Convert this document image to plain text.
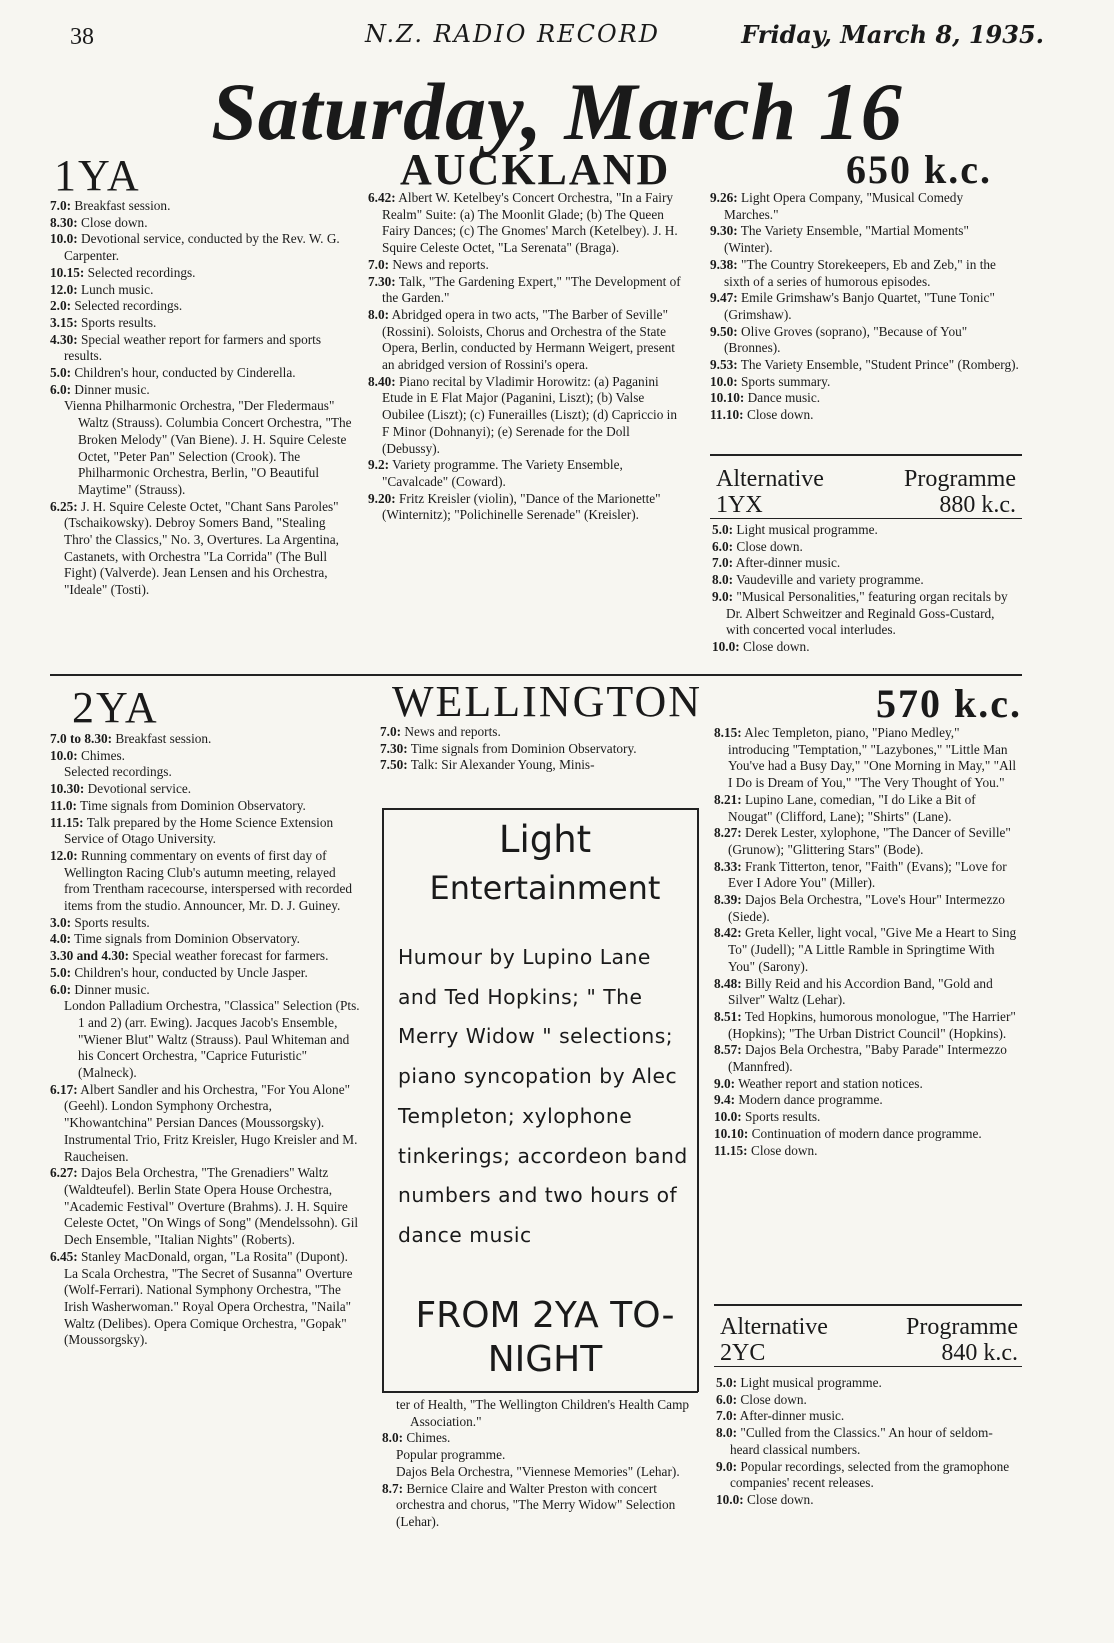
38	N.Z. RADIO RECORD	Friday, March 8, 1935.
Saturday, March 16
1YA	AUCKLAND	650 k.c.

7.0: Breakfast session.

8.30: Close down.

10.0: Devotional service, conducted by the Rev. W. G. Carpenter.

10.15: Selected recordings.

12.0: Lunch music.

2.0: Selected recordings.

3.15: Sports results.

4.30: Special weather report for farmers and sports results.

5.0: Children's hour, conducted by Cinderella.

6.0: Dinner music.

Vienna Philharmonic Orchestra, "Der Fledermaus" Waltz (Strauss). Columbia Concert Orchestra, "The Broken Melody" (Van Biene). J. H. Squire Celeste Octet, "Peter Pan" Selection (Crook). The Philharmonic Orchestra, Berlin, "O Beautiful Maytime" (Strauss).

6.25: J. H. Squire Celeste Octet, "Chant Sans Paroles" (Tschaikowsky). Debroy Somers Band, "Stealing Thro' the Classics," No. 3, Overtures. La Argentina, Castanets, with Orchestra "La Corrida" (The Bull Fight) (Valverde). Jean Lensen and his Orchestra, "Ideale" (Tosti).

6.42: Albert W. Ketelbey's Concert Orchestra, "In a Fairy Realm" Suite: (a) The Moonlit Glade; (b) The Queen Fairy Dances; (c) The Gnomes' March (Ketelbey). J. H. Squire Celeste Octet, "La Serenata" (Braga).

7.0: News and reports.

7.30: Talk, "The Gardening Expert," "The Development of the Garden."

8.0: Abridged opera in two acts, "The Barber of Seville" (Rossini). Soloists, Chorus and Orchestra of the State Opera, Berlin, conducted by Hermann Weigert, present an abridged version of Rossini's opera.

8.40: Piano recital by Vladimir Horowitz: (a) Paganini Etude in E Flat Major (Paganini, Liszt); (b) Valse Oubilee (Liszt); (c) Funerailles (Liszt); (d) Capriccio in F Minor (Dohnanyi); (e) Serenade for the Doll (Debussy).

9.2: Variety programme. The Variety Ensemble, "Cavalcade" (Coward).

9.20: Fritz Kreisler (violin), "Dance of the Marionette" (Winternitz); "Polichinelle Serenade" (Kreisler).

9.26: Light Opera Company, "Musical Comedy Marches."

9.30: The Variety Ensemble, "Martial Moments" (Winter).

9.38: "The Country Storekeepers, Eb and Zeb," in the sixth of a series of humorous episodes.

9.47: Emile Grimshaw's Banjo Quartet, "Tune Tonic" (Grimshaw).

9.50: Olive Groves (soprano), "Because of You" (Bronnes).

9.53: The Variety Ensemble, "Student Prince" (Romberg).

10.0: Sports summary.

10.10: Dance music.

11.10: Close down.

Alternative	Programme
1YX	880 k.c.

5.0: Light musical programme.

6.0: Close down.

7.0: After-dinner music.

8.0: Vaudeville and variety programme.

9.0: "Musical Personalities," featuring organ recitals by Dr. Albert Schweitzer and Reginald Goss-Custard, with concerted vocal interludes.

10.0: Close down.

2YA	WELLINGTON	570 k.c.

7.0 to 8.30: Breakfast session.

10.0: Chimes.

Selected recordings.

10.30: Devotional service.

11.0: Time signals from Dominion Observatory.

11.15: Talk prepared by the Home Science Extension Service of Otago University.

12.0: Running commentary on events of first day of Wellington Racing Club's autumn meeting, relayed from Trentham racecourse, interspersed with recorded items from the studio. Announcer, Mr. D. J. Guiney.

3.0: Sports results.

4.0: Time signals from Dominion Observatory.

3.30 and 4.30: Special weather forecast for farmers.

5.0: Children's hour, conducted by Uncle Jasper.

6.0: Dinner music.

London Palladium Orchestra, "Classica" Selection (Pts. 1 and 2) (arr. Ewing). Jacques Jacob's Ensemble, "Wiener Blut" Waltz (Strauss). Paul Whiteman and his Concert Orchestra, "Caprice Futuristic" (Malneck).

6.17: Albert Sandler and his Orchestra, "For You Alone" (Geehl). London Symphony Orchestra, "Khowantchina" Persian Dances (Moussorgsky). Instrumental Trio, Fritz Kreisler, Hugo Kreisler and M. Raucheisen.

6.27: Dajos Bela Orchestra, "The Grenadiers" Waltz (Waldteufel). Berlin State Opera House Orchestra, "Academic Festival" Overture (Brahms). J. H. Squire Celeste Octet, "On Wings of Song" (Mendelssohn). Gil Dech Ensemble, "Italian Nights" (Roberts).

6.45: Stanley MacDonald, organ, "La Rosita" (Dupont). La Scala Orchestra, "The Secret of Susanna" Overture (Wolf-Ferrari). National Symphony Orchestra, "The Irish Washerwoman." Royal Opera Orchestra, "Naila" Waltz (Delibes). Opera Comique Orchestra, "Gopak" (Moussorgsky).

7.0: News and reports.

7.30: Time signals from Dominion Observatory.

7.50: Talk: Sir Alexander Young, Minis-

Light
Entertainment
Humour by Lupino Lane and Ted Hopkins; " The Merry Widow " selections; piano syncopation by Alec Templeton; xylophone tinkerings; accordeon band numbers and two hours of dance music
FROM 2YA TO-NIGHT

ter of Health, "The Wellington Children's Health Camp Association."

8.0: Chimes.

Popular programme.

Dajos Bela Orchestra, "Viennese Memories" (Lehar).

8.7: Bernice Claire and Walter Preston with concert orchestra and chorus, "The Merry Widow" Selection (Lehar).

8.15: Alec Templeton, piano, "Piano Medley," introducing "Temptation," "Lazybones," "Little Man You've had a Busy Day," "One Morning in May," "All I Do is Dream of You," "The Very Thought of You."

8.21: Lupino Lane, comedian, "I do Like a Bit of Nougat" (Clifford, Lane); "Shirts" (Lane).

8.27: Derek Lester, xylophone, "The Dancer of Seville" (Grunow); "Glittering Stars" (Bode).

8.33: Frank Titterton, tenor, "Faith" (Evans); "Love for Ever I Adore You" (Miller).

8.39: Dajos Bela Orchestra, "Love's Hour" Intermezzo (Siede).

8.42: Greta Keller, light vocal, "Give Me a Heart to Sing To" (Judell); "A Little Ramble in Springtime With You" (Sarony).

8.48: Billy Reid and his Accordion Band, "Gold and Silver" Waltz (Lehar).

8.51: Ted Hopkins, humorous monologue, "The Harrier" (Hopkins); "The Urban District Council" (Hopkins).

8.57: Dajos Bela Orchestra, "Baby Parade" Intermezzo (Mannfred).

9.0: Weather report and station notices.

9.4: Modern dance programme.

10.0: Sports results.

10.10: Continuation of modern dance programme.

11.15: Close down.

Alternative	Programme
2YC	840 k.c.

5.0: Light musical programme.

6.0: Close down.

7.0: After-dinner music.

8.0: "Culled from the Classics." An hour of seldom-heard classical numbers.

9.0: Popular recordings, selected from the gramophone companies' recent releases.

10.0: Close down.
